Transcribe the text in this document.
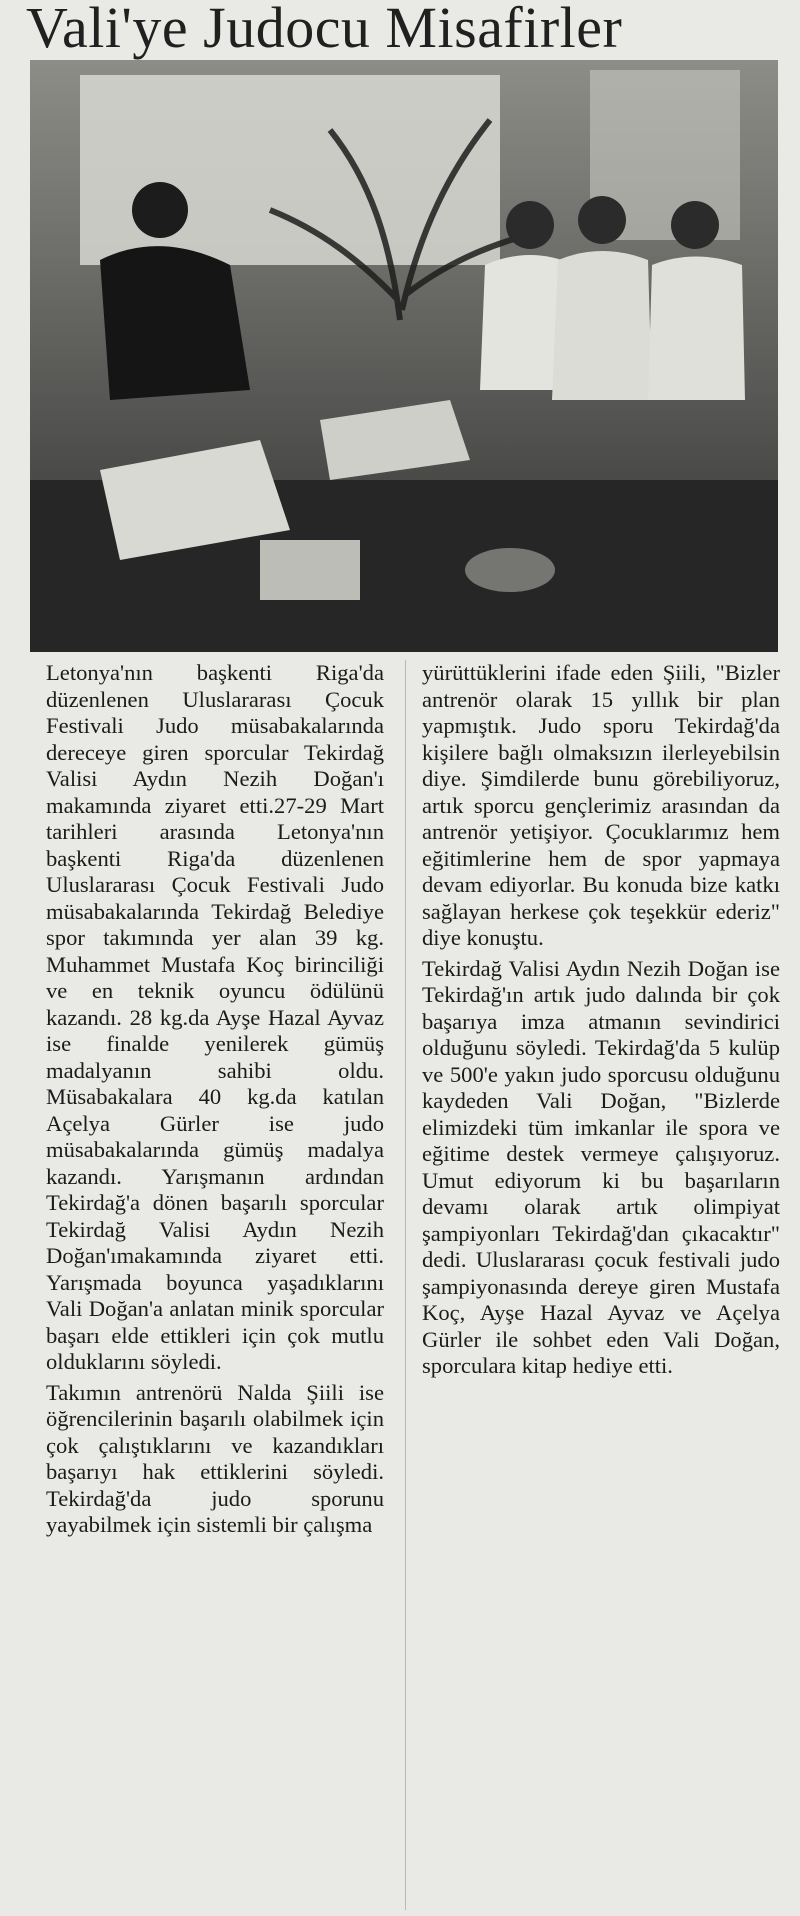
Vali'ye Judocu Misafirler

Letonya'nın başkenti Riga'da düzenlenen Uluslararası Çocuk Festivali Judo müsabakalarında dereceye giren sporcular Tekirdağ Valisi Aydın Nezih Doğan'ı makamında ziyaret etti.27-29 Mart tarihleri arasında Letonya'nın başkenti Riga'da düzenlenen Uluslararası Çocuk Festivali Judo müsabakalarında Tekirdağ Belediye spor takımında yer alan 39 kg. Muhammet Mustafa Koç birinciliği ve en teknik oyuncu ödülünü kazandı. 28 kg.da Ayşe Hazal Ayvaz ise finalde yenilerek gümüş madalyanın sahibi oldu. Müsabakalara 40 kg.da katılan Açelya Gürler ise judo müsabakalarında gümüş madalya kazandı. Yarışmanın ardından Tekirdağ'a dönen başarılı sporcular Tekirdağ Valisi Aydın Nezih Doğan'ımakamında ziyaret etti. Yarışmada boyunca yaşadıklarını Vali Doğan'a anlatan minik sporcular başarı elde ettikleri için çok mutlu olduklarını söyledi.

Takımın antrenörü Nalda Şiili ise öğrencilerinin başarılı olabilmek için çok çalıştıklarını ve kazandıkları başarıyı hak ettiklerini söyledi. Tekirdağ'da judo sporunu yayabilmek için sistemli bir çalışma

yürüttüklerini ifade eden Şiili, "Bizler antrenör olarak 15 yıllık bir plan yapmıştık. Judo sporu Tekirdağ'da kişilere bağlı olmaksızın ilerleyebilsin diye. Şimdilerde bunu görebiliyoruz, artık sporcu gençlerimiz arasından da antrenör yetişiyor. Çocuklarımız hem eğitimlerine hem de spor yapmaya devam ediyorlar. Bu konuda bize katkı sağlayan herkese çok teşekkür ederiz" diye konuştu.

Tekirdağ Valisi Aydın Nezih Doğan ise Tekirdağ'ın artık judo dalında bir çok başarıya imza atmanın sevindirici olduğunu söyledi. Tekirdağ'da 5 kulüp ve 500'e yakın judo sporcusu olduğunu kaydeden Vali Doğan, "Bizlerde elimizdeki tüm imkanlar ile spora ve eğitime destek vermeye çalışıyoruz. Umut ediyorum ki bu başarıların devamı olarak artık olimpiyat şampiyonları Tekirdağ'dan çıkacaktır" dedi. Uluslararası çocuk festivali judo şampiyonasında dereye giren Mustafa Koç, Ayşe Hazal Ayvaz ve Açelya Gürler ile sohbet eden Vali Doğan, sporculara kitap hediye etti.
